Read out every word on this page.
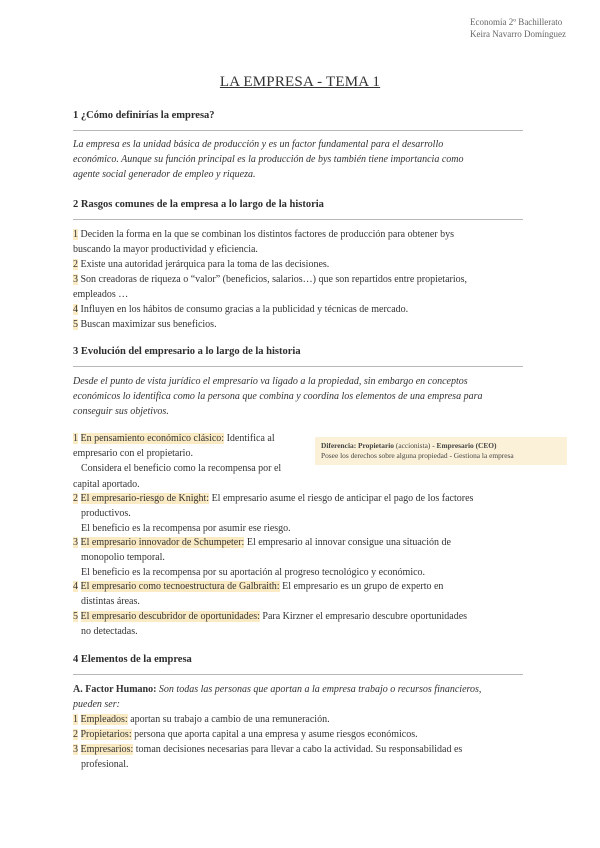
Economía 2º Bachillerato
Keira Navarro Domínguez
LA EMPRESA - TEMA 1
1 ¿Cómo definirías la empresa?
La empresa es la unidad básica de producción y es un factor fundamental para el desarrollo
económico. Aunque su función principal es la producción de bys también tiene importancia como
agente social generador de empleo y riqueza.
2 Rasgos comunes de la empresa a lo largo de la historia
1 Deciden la forma en la que se combinan los distintos factores de producción para obtener bys
buscando la mayor productividad y eficiencia.
2 Existe una autoridad jerárquica para la toma de las decisiones.
3 Son creadoras de riqueza o “valor” (beneficios, salarios…) que son repartidos entre propietarios,
empleados …
4 Influyen en los hábitos de consumo gracias a la publicidad y técnicas de mercado.
5 Buscan maximizar sus beneficios.
3 Evolución del empresario a lo largo de la historia
Desde el punto de vista jurídico el empresario va ligado a la propiedad, sin embargo en conceptos
económicos lo identifica como la persona que combina y coordina los elementos de una empresa para
conseguir sus objetivos.
Diferencia: Propietario (accionista) - Empresario (CEO)
Posee los derechos sobre alguna propiedad - Gestiona la empresa
1 En pensamiento económico clásico: Identifica al
empresario con el propietario.
Considera el beneficio como la recompensa por el
capital aportado.
2 El empresario-riesgo de Knight: El empresario asume el riesgo de anticipar el pago de los factores
productivos.
El beneficio es la recompensa por asumir ese riesgo.
3 El empresario innovador de Schumpeter: El empresario al innovar consigue una situación de
monopolio temporal.
El beneficio es la recompensa por su aportación al progreso tecnológico y económico.
4 El empresario como tecnoestructura de Galbraith: El empresario es un grupo de experto en
distintas áreas.
5 El empresario descubridor de oportunidades: Para Kirzner el empresario descubre oportunidades
no detectadas.
4 Elementos de la empresa
A. Factor Humano: Son todas las personas que aportan a la empresa trabajo o recursos financieros,
pueden ser:
1 Empleados: aportan su trabajo a cambio de una remuneración.
2 Propietarios: persona que aporta capital a una empresa y asume riesgos económicos.
3 Empresarios: toman decisiones necesarias para llevar a cabo la actividad. Su responsabilidad es
profesional.
